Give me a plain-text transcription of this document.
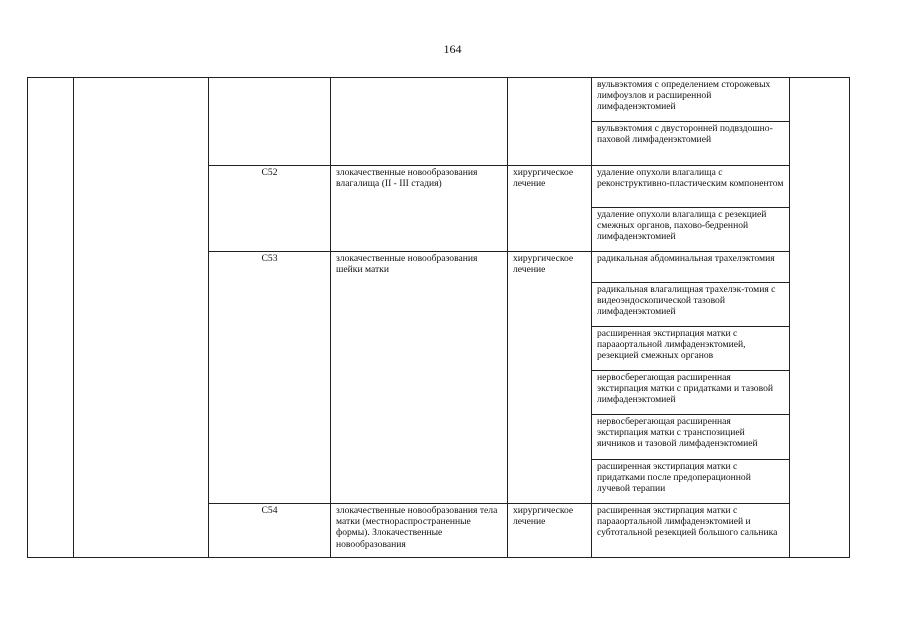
164
					вульвэктомия с определением сторожевых лимфоузлов и расширенной лимфаденэктомией	
					вульвэктомия с двусторонней подвздошно-паховой лимфаденэктомией	
		C52	злокачественные новообразования влагалища (II - III стадия)	хирургическое лечение	удаление опухоли влагалища с реконструктивно-пластическим компонентом	
					удаление опухоли влагалища с резекцией смежных органов, пахово-бедренной лимфаденэктомией	
		C53	злокачественные новообразования шейки матки	хирургическое лечение	радикальная абдоминальная трахелэктомия	
					радикальная влагалищная трахелэк-томия с видеоэндоскопической тазовой лимфаденэктомией	
					расширенная экстирпация матки с парааортальной лимфаденэктомией, резекцией смежных органов	
					нервосберегающая расширенная экстирпация матки с придатками и тазовой лимфаденэктомией	
					нервосберегающая расширенная экстирпация матки с транспозицией яичников и тазовой лимфаденэктомией	
					расширенная экстирпация матки с придатками после предоперационной лучевой терапии	
		C54	злокачественные новообразования тела матки (местнораспространенные формы). Злокачественные новообразования	хирургическое лечение	расширенная экстирпация матки с парааортальной лимфаденэктомией и субтотальной резекцией большого сальника	
